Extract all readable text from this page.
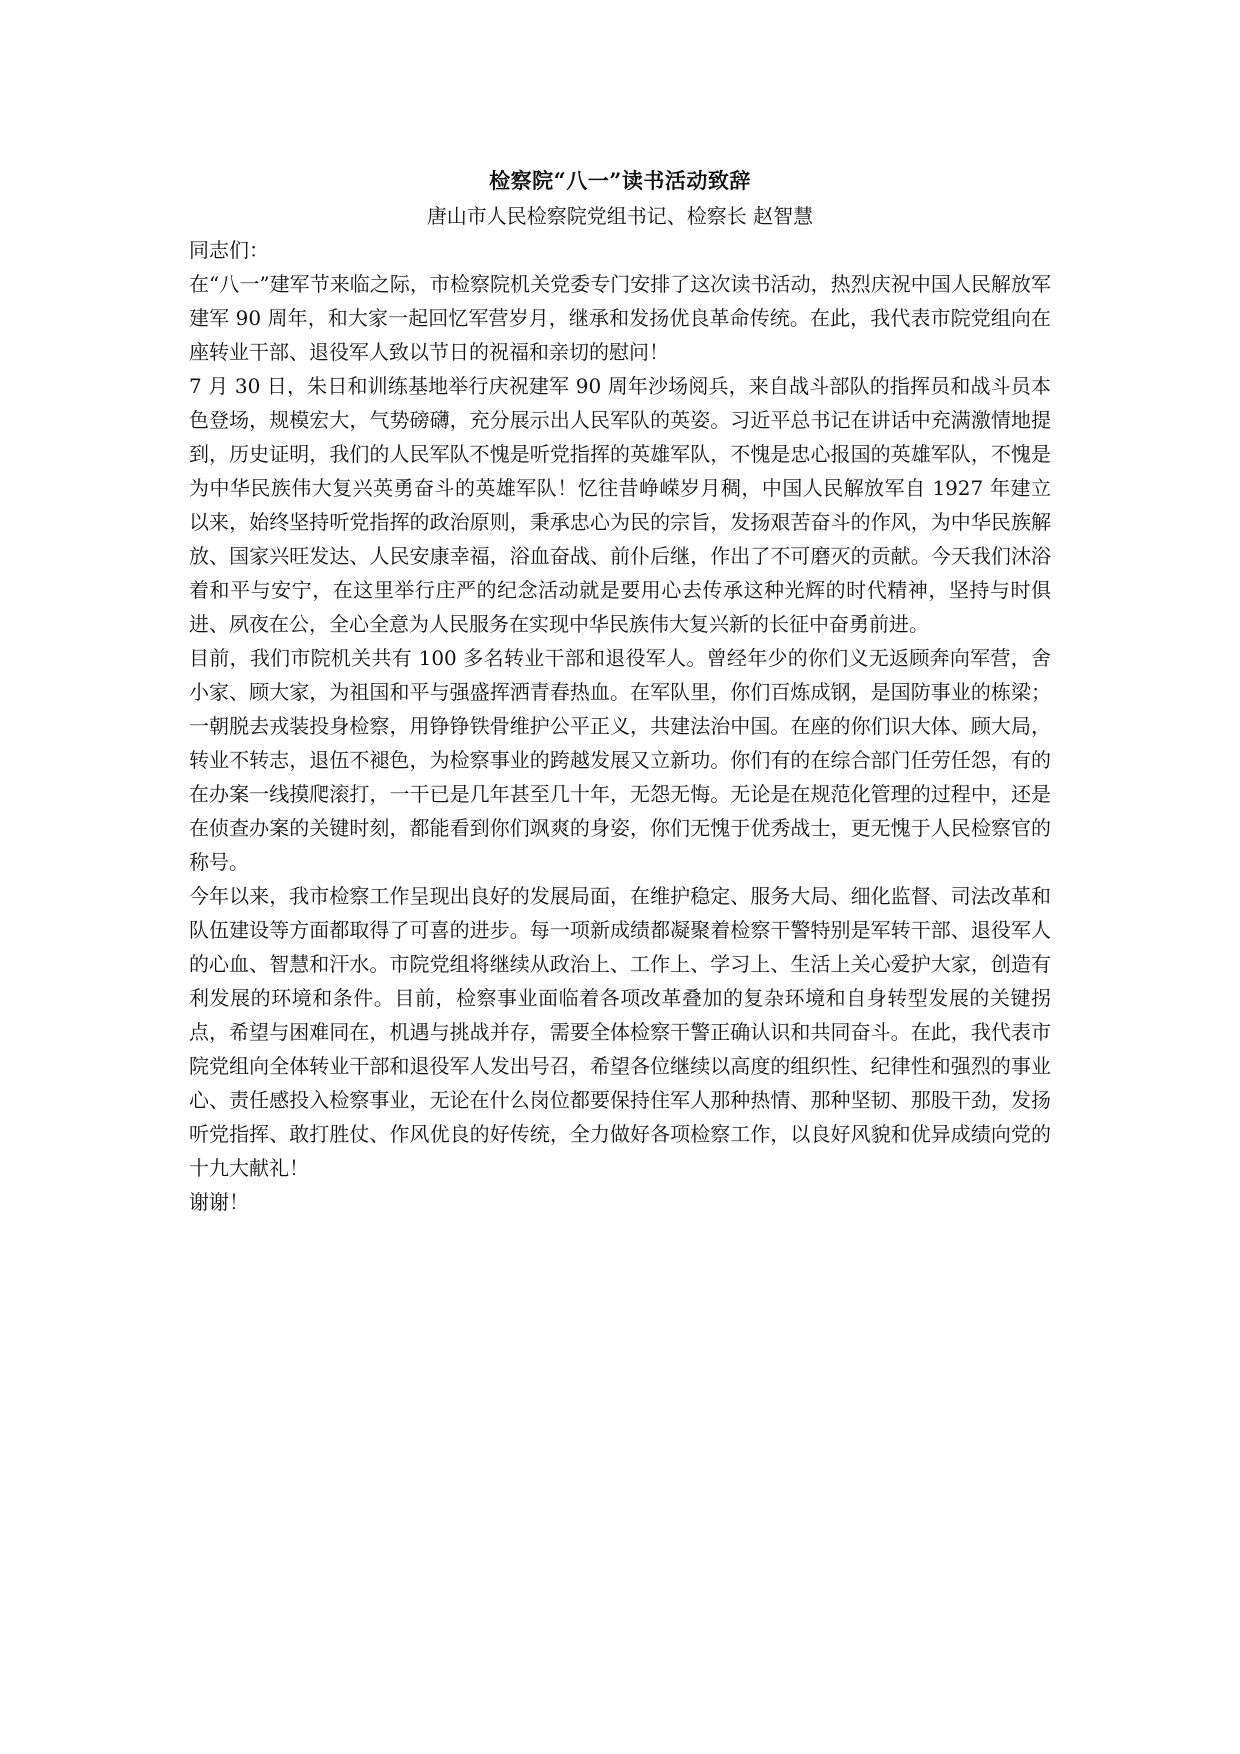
检察院“八一”读书活动致辞

唐山市人民检察院党组书记、检察长 赵智慧

同志们：

在“八一”建军节来临之际，市检察院机关党委专门安排了这次读书活动，热烈庆祝中国人民解放军建军 90 周年，和大家一起回忆军营岁月，继承和发扬优良革命传统。在此，我代表市院党组向在座转业干部、退役军人致以节日的祝福和亲切的慰问！

7 月 30 日，朱日和训练基地举行庆祝建军 90 周年沙场阅兵，来自战斗部队的指挥员和战斗员本色登场，规模宏大，气势磅礴，充分展示出人民军队的英姿。习近平总书记在讲话中充满激情地提到，历史证明，我们的人民军队不愧是听党指挥的英雄军队，不愧是忠心报国的英雄军队，不愧是为中华民族伟大复兴英勇奋斗的英雄军队！忆往昔峥嵘岁月稠，中国人民解放军自 1927 年建立以来，始终坚持听党指挥的政治原则，秉承忠心为民的宗旨，发扬艰苦奋斗的作风，为中华民族解放、国家兴旺发达、人民安康幸福，浴血奋战、前仆后继，作出了不可磨灭的贡献。今天我们沐浴着和平与安宁，在这里举行庄严的纪念活动就是要用心去传承这种光辉的时代精神，坚持与时俱进、夙夜在公，全心全意为人民服务在实现中华民族伟大复兴新的长征中奋勇前进。

目前，我们市院机关共有 100 多名转业干部和退役军人。曾经年少的你们义无返顾奔向军营，舍小家、顾大家，为祖国和平与强盛挥洒青春热血。在军队里，你们百炼成钢，是国防事业的栋梁；一朝脱去戎装投身检察，用铮铮铁骨维护公平正义，共建法治中国。在座的你们识大体、顾大局，转业不转志，退伍不褪色，为检察事业的跨越发展又立新功。你们有的在综合部门任劳任怨，有的在办案一线摸爬滚打，一干已是几年甚至几十年，无怨无悔。无论是在规范化管理的过程中，还是在侦查办案的关键时刻，都能看到你们飒爽的身姿，你们无愧于优秀战士，更无愧于人民检察官的称号。

今年以来，我市检察工作呈现出良好的发展局面，在维护稳定、服务大局、细化监督、司法改革和队伍建设等方面都取得了可喜的进步。每一项新成绩都凝聚着检察干警特别是军转干部、退役军人的心血、智慧和汗水。市院党组将继续从政治上、工作上、学习上、生活上关心爱护大家，创造有利发展的环境和条件。目前，检察事业面临着各项改革叠加的复杂环境和自身转型发展的关键拐点，希望与困难同在，机遇与挑战并存，需要全体检察干警正确认识和共同奋斗。在此，我代表市院党组向全体转业干部和退役军人发出号召，希望各位继续以高度的组织性、纪律性和强烈的事业心、责任感投入检察事业，无论在什么岗位都要保持住军人那种热情、那种坚韧、那股干劲，发扬听党指挥、敢打胜仗、作风优良的好传统，全力做好各项检察工作，以良好风貌和优异成绩向党的十九大献礼！

谢谢！
